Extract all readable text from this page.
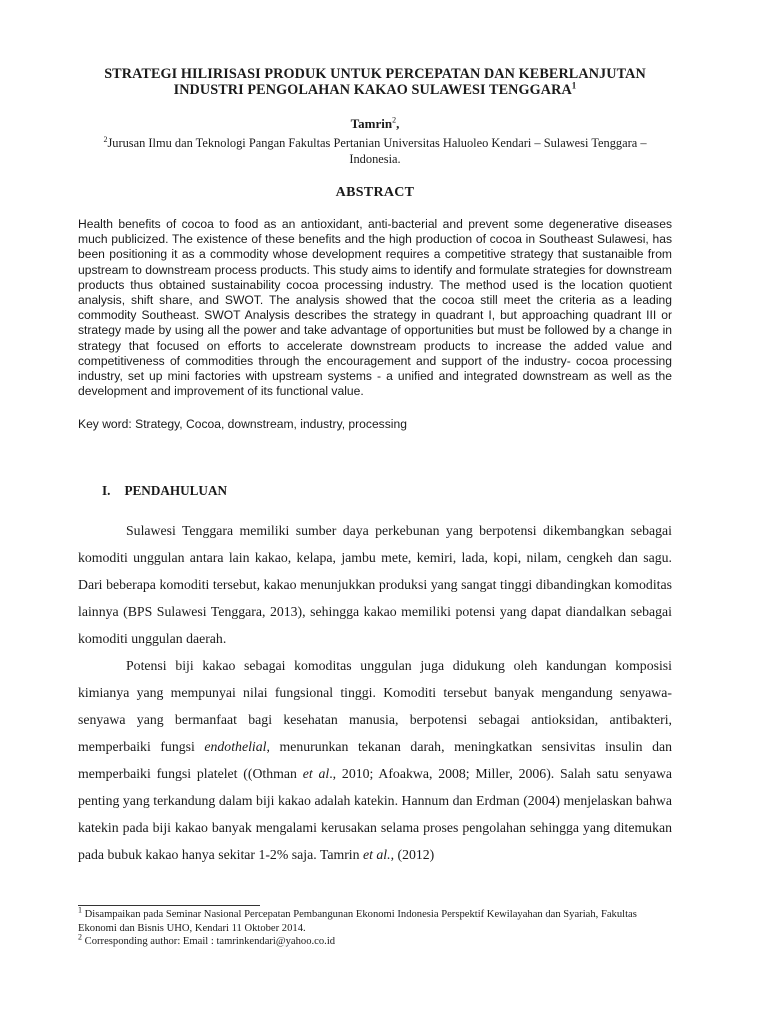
STRATEGI HILIRISASI PRODUK UNTUK PERCEPATAN DAN KEBERLANJUTAN
INDUSTRI PENGOLAHAN KAKAO SULAWESI TENGGARA$^1$
Tamrin$^2$,
$^2$Jurusan Ilmu dan Teknologi Pangan Fakultas Pertanian Universitas Haluoleo Kendari – Sulawesi Tenggara – Indonesia.
ABSTRACT
Health benefits of cocoa to food as an antioxidant, anti-bacterial and prevent some degenerative diseases much publicized. The existence of these benefits and the high production of cocoa in Southeast Sulawesi, has been positioning it as a commodity whose development requires a competitive strategy that sustanaible from upstream to downstream process products. This study aims to identify and formulate strategies for downstream products thus obtained sustainability cocoa processing industry. The method used is the location quotient analysis, shift share, and SWOT. The analysis showed that the cocoa still meet the criteria as a leading commodity Southeast. SWOT Analysis describes the strategy in quadrant I, but approaching quadrant III or strategy made by using all the power and take advantage of opportunities but must be followed by a change in strategy that focused on efforts to accelerate downstream products to increase the added value and competitiveness of commodities through the encouragement and support of the industry- cocoa processing industry, set up mini factories with upstream systems - a unified and integrated downstream as well as the development and improvement of its functional value.
Key word: Strategy, Cocoa, downstream, industry, processing
I. PENDAHULUAN

Sulawesi Tenggara memiliki sumber daya perkebunan yang berpotensi dikembangkan sebagai komoditi unggulan antara lain kakao, kelapa, jambu mete, kemiri, lada, kopi, nilam, cengkeh dan sagu. Dari beberapa komoditi tersebut, kakao menunjukkan produksi yang sangat tinggi dibandingkan komoditas lainnya (BPS Sulawesi Tenggara, 2013), sehingga kakao memiliki potensi yang dapat diandalkan sebagai komoditi unggulan daerah.

Potensi biji kakao sebagai komoditas unggulan juga didukung oleh kandungan komposisi kimianya yang mempunyai nilai fungsional tinggi. Komoditi tersebut banyak mengandung senyawa-senyawa yang bermanfaat bagi kesehatan manusia, berpotensi sebagai antioksidan, antibakteri, memperbaiki fungsi endothelial, menurunkan tekanan darah, meningkatkan sensivitas insulin dan memperbaiki fungsi platelet ((Othman et al., 2010; Afoakwa, 2008; Miller, 2006). Salah satu senyawa penting yang terkandung dalam biji kakao adalah katekin. Hannum dan Erdman (2004) menjelaskan bahwa katekin pada biji kakao banyak mengalami kerusakan selama proses pengolahan sehingga yang ditemukan pada bubuk kakao hanya sekitar 1-2% saja. Tamrin et al., (2012)

$^1$ Disampaikan pada Seminar Nasional Percepatan Pembangunan Ekonomi Indonesia Perspektif Kewilayahan dan Syariah, Fakultas Ekonomi dan Bisnis UHO, Kendari 11 Oktober 2014.

$^2$ Corresponding author: Email : tamrinkendari@yahoo.co.id
